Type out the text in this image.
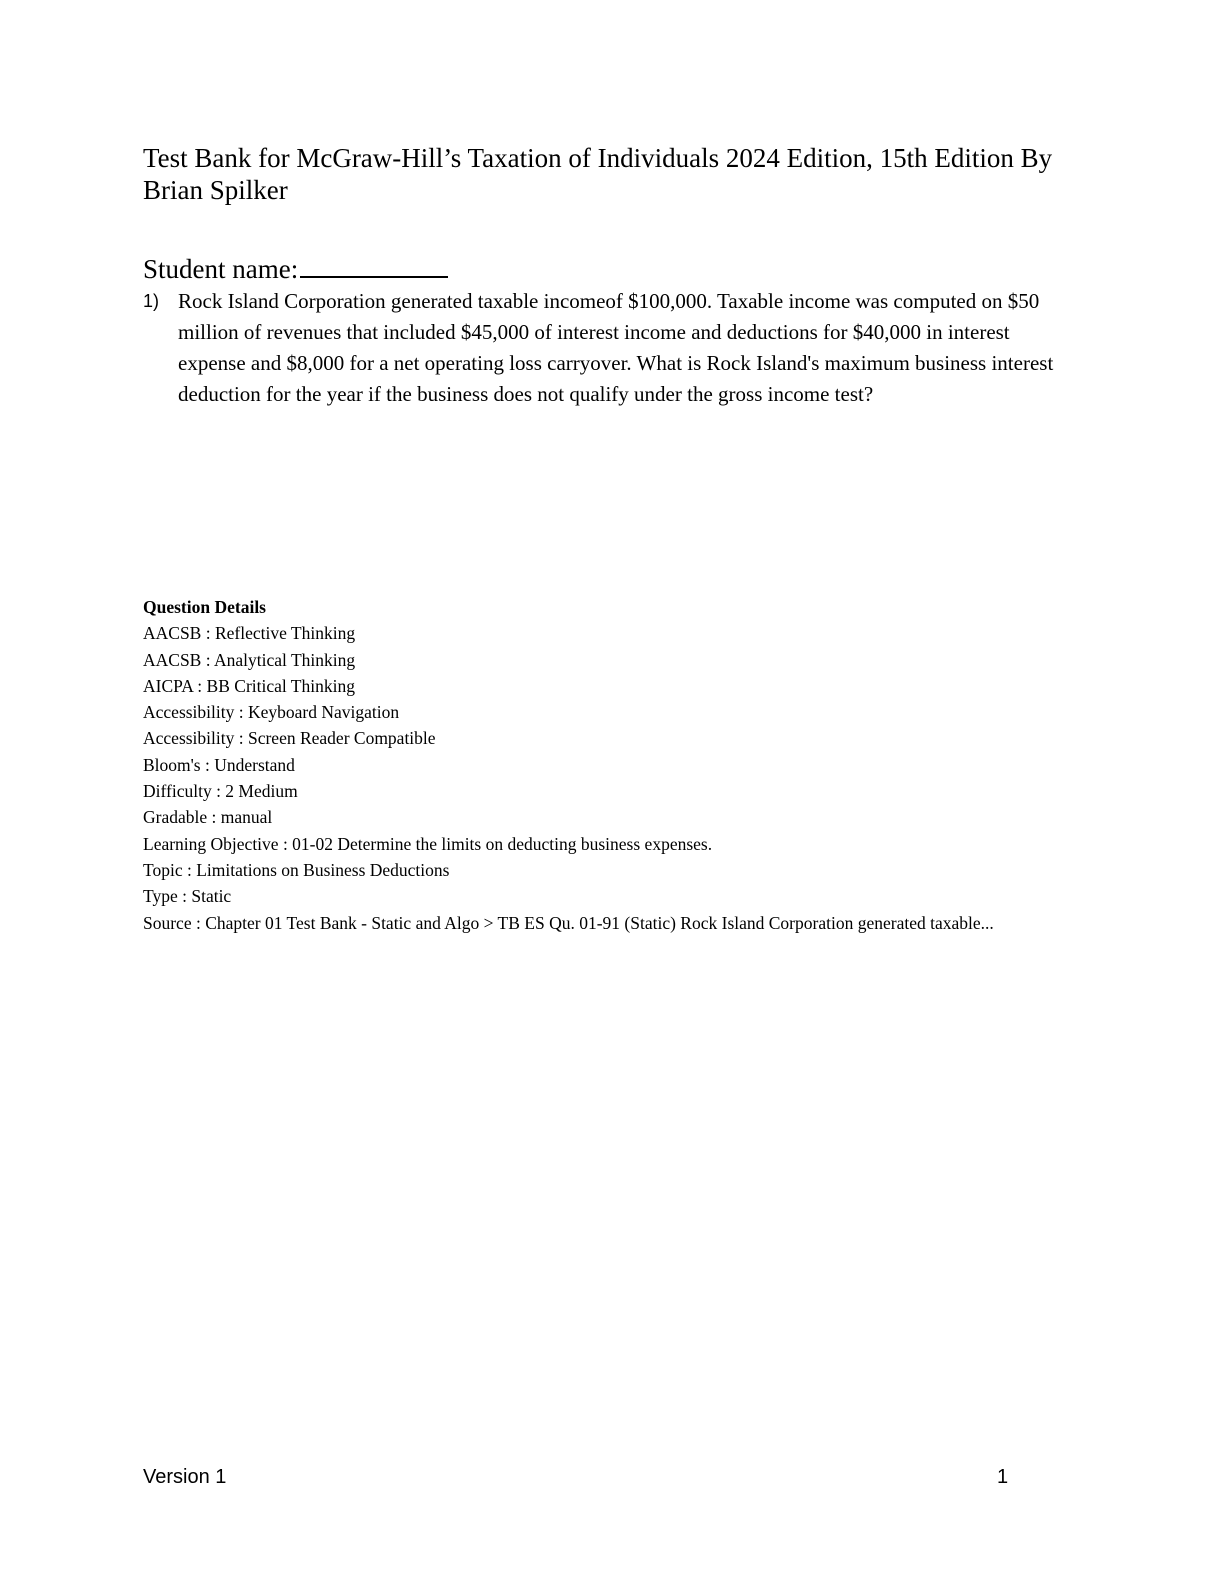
Test Bank for McGraw-Hill’s Taxation of Individuals 2024 Edition, 15th Edition By Brian Spilker
Student name:
1) Rock Island Corporation generated taxable incomeof $100,000. Taxable income was computed on $50 million of revenues that included $45,000 of interest income and deductions for $40,000 in interest expense and $8,000 for a net operating loss carryover. What is Rock Island's maximum business interest deduction for the year if the business does not qualify under the gross income test?
Question Details
AACSB : Reflective Thinking
AACSB : Analytical Thinking
AICPA : BB Critical Thinking
Accessibility : Keyboard Navigation
Accessibility : Screen Reader Compatible
Bloom's : Understand
Difficulty : 2 Medium
Gradable : manual
Learning Objective : 01-02 Determine the limits on deducting business expenses.
Topic : Limitations on Business Deductions
Type : Static
Source : Chapter 01 Test Bank - Static and Algo > TB ES Qu. 01-91 (Static) Rock Island Corporation generated taxable...
Version 1	1
